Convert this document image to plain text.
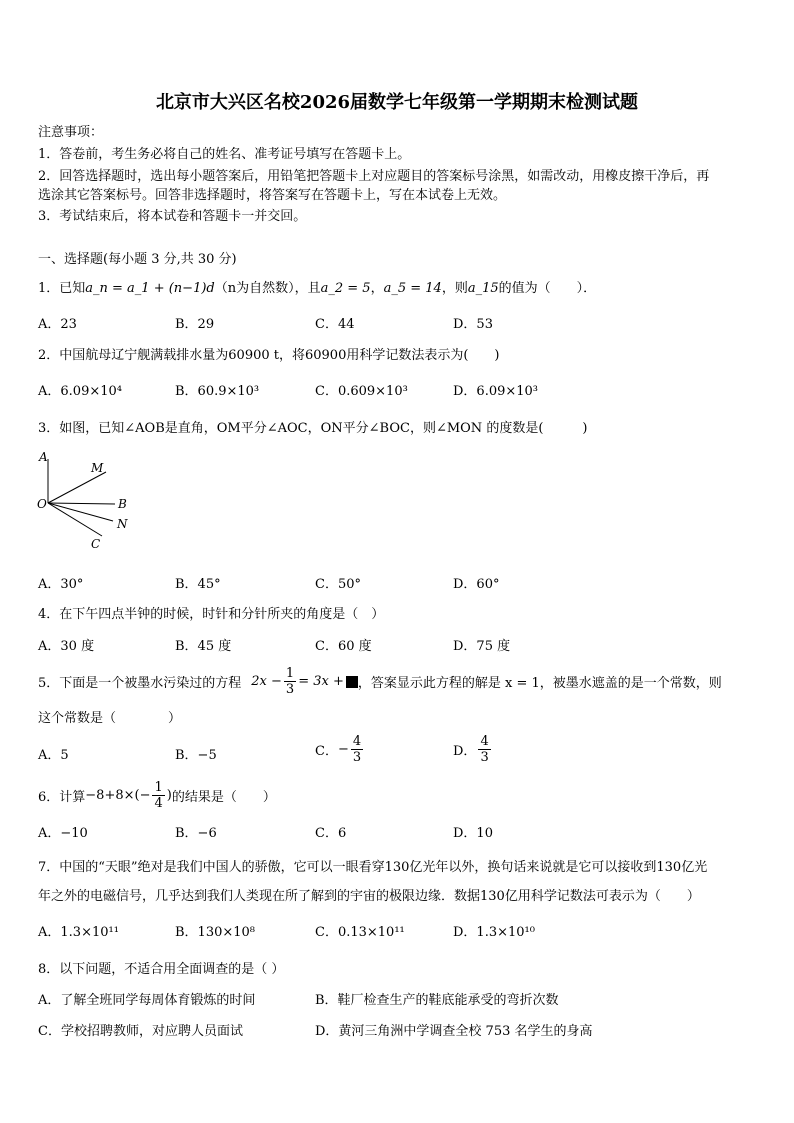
北京市大兴区名校2026届数学七年级第一学期期末检测试题
注意事项：
1．答卷前，考生务必将自己的姓名、准考证号填写在答题卡上。
2．回答选择题时，选出每小题答案后，用铅笔把答题卡上对应题目的答案标号涂黑，如需改动，用橡皮擦干净后，再
选涂其它答案标号。回答非选择题时，将答案写在答题卡上，写在本试卷上无效。
3．考试结束后，将本试卷和答题卡一并交回。
一、选择题(每小题 3 分,共 30 分)
1．已知a_n = a_1 + (n−1)d（n为自然数），且a_2 = 5，a_5 = 14，则a_15的值为（　　）．
A．23	B．29	C．44	D．53
2．中国航母辽宁舰满载排水量为60900 t，将60900用科学记数法表示为(　　)
A．6.09×10⁴	B．60.9×10³	C．0.609×10³	D．6.09×10³
3．如图，已知∠AOB是直角，OM平分∠AOC，ON平分∠BOC，则∠MON 的度数是(　　　)
A
M
O	B
N
C
A．30°	B．45°	C．50°	D．60°
4．在下午四点半钟的时候，时针和分针所夹的角度是（　）
A．30 度	B．45 度	C．60 度	D．75 度
5．下面是一个被墨水污染过的方程 $2x - \frac{1}{3} = 3x$ + ，答案显示此方程的解是 x = 1，被墨水遮盖的是一个常数，则
这个常数是（　　　　）
A．5	B．−5	C． − $\frac{4}{3}$	D． $\frac{4}{3}$
6．计算 $-8+8\times(- \frac{1}{4}$ ) 的结果是（　　）
A．−10	B．−6	C．6	D．10
7．中国的“天眼”绝对是我们中国人的骄傲，它可以一眼看穿130亿光年以外，换句话来说就是它可以接收到130亿光
年之外的电磁信号，几乎达到我们人类现在所了解到的宇宙的极限边缘．数据130亿用科学记数法可表示为（　　）
A．1.3×10¹¹	B．130×10⁸	C．0.13×10¹¹	D．1.3×10¹⁰
8．以下问题，不适合用全面调查的是（ ）
A．了解全班同学每周体育锻炼的时间	B．鞋厂检查生产的鞋底能承受的弯折次数
C．学校招聘教师，对应聘人员面试	D．黄河三角洲中学调查全校 753 名学生的身高
